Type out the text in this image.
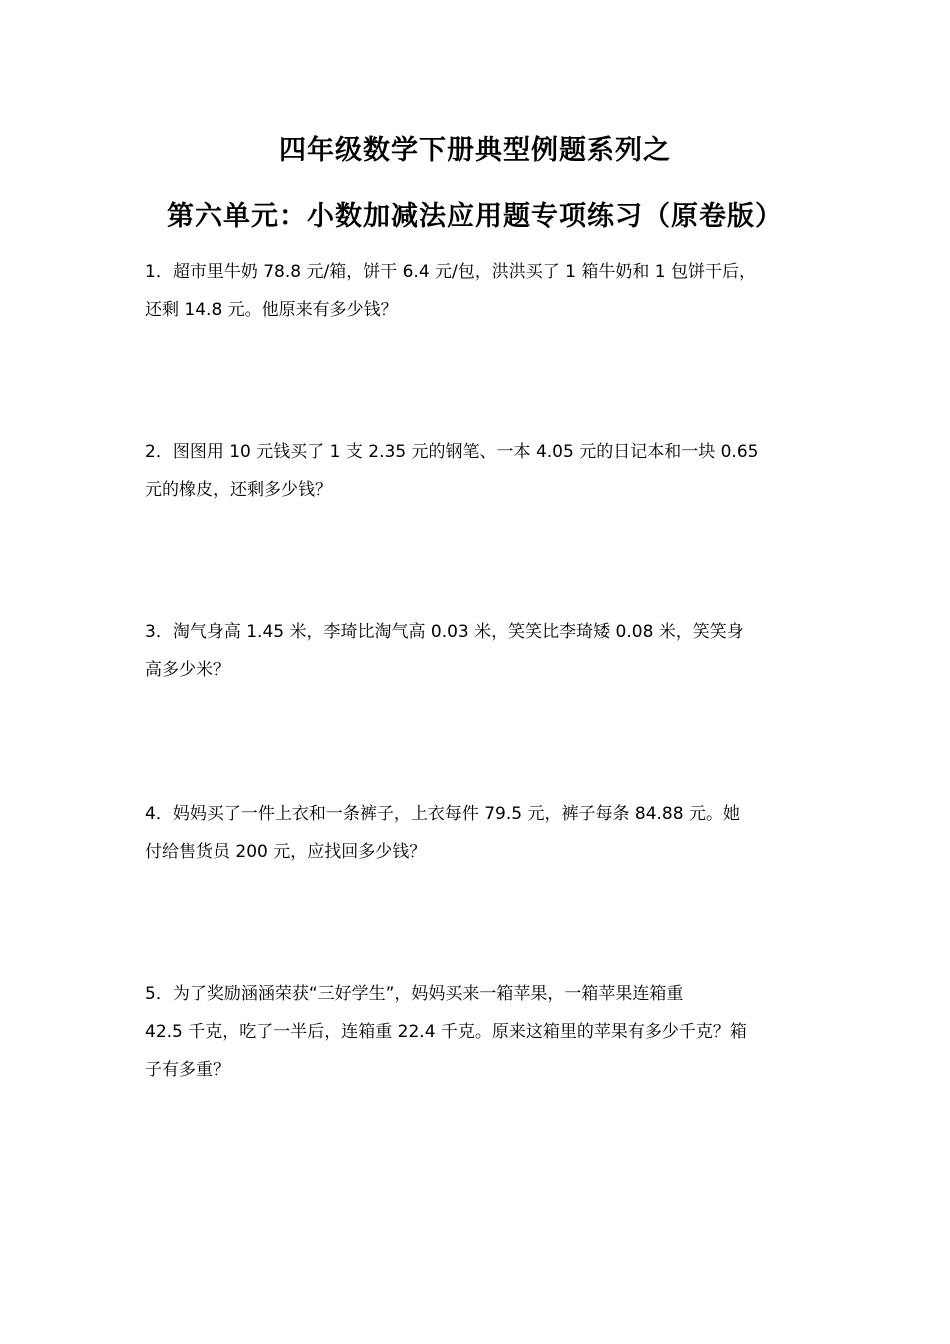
四年级数学下册典型例题系列之
第六单元：小数加减法应用题专项练习（原卷版）
1．超市里牛奶 78.8 元/箱，饼干 6.4 元/包，洪洪买了 1 箱牛奶和 1 包饼干后，
还剩 14.8 元。他原来有多少钱？
2．图图用 10 元钱买了 1 支 2.35 元的钢笔、一本 4.05 元的日记本和一块 0.65
元的橡皮，还剩多少钱？
3．淘气身高 1.45 米，李琦比淘气高 0.03 米，笑笑比李琦矮 0.08 米，笑笑身
高多少米？
4．妈妈买了一件上衣和一条裤子，上衣每件 79.5 元，裤子每条 84.88 元。她
付给售货员 200 元，应找回多少钱？
5．为了奖励涵涵荣获“三好学生”，妈妈买来一箱苹果，一箱苹果连箱重
42.5 千克，吃了一半后，连箱重 22.4 千克。原来这箱里的苹果有多少千克？箱
子有多重？
